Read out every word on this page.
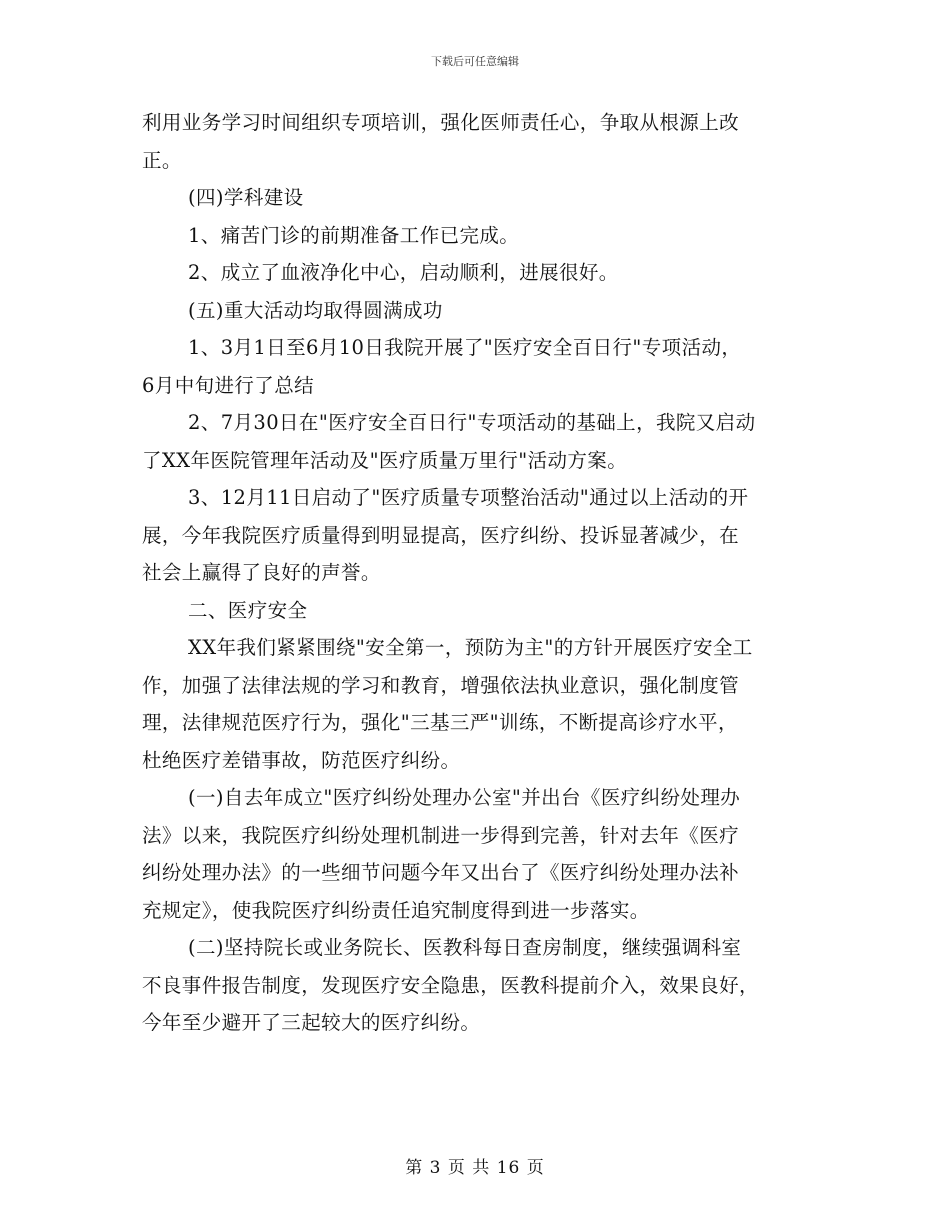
下载后可任意编辑
利用业务学习时间组织专项培训，强化医师责任心，争取从根源上改
正。
(四)学科建设
1、痛苦门诊的前期准备工作已完成。
2、成立了血液净化中心，启动顺利，进展很好。
(五)重大活动均取得圆满成功
1、3月1日至6月10日我院开展了"医疗安全百日行"专项活动，
6月中旬进行了总结
2、7月30日在"医疗安全百日行"专项活动的基础上，我院又启动
了XX年医院管理年活动及"医疗质量万里行"活动方案。
3、12月11日启动了"医疗质量专项整治活动"通过以上活动的开
展，今年我院医疗质量得到明显提高，医疗纠纷、投诉显著减少，在
社会上赢得了良好的声誉。
二、医疗安全
XX年我们紧紧围绕"安全第一，预防为主"的方针开展医疗安全工
作，加强了法律法规的学习和教育，增强依法执业意识，强化制度管
理，法律规范医疗行为，强化"三基三严"训练，不断提高诊疗水平，
杜绝医疗差错事故，防范医疗纠纷。
(一)自去年成立"医疗纠纷处理办公室"并出台《医疗纠纷处理办
法》以来，我院医疗纠纷处理机制进一步得到完善，针对去年《医疗
纠纷处理办法》的一些细节问题今年又出台了《医疗纠纷处理办法补
充规定》，使我院医疗纠纷责任追究制度得到进一步落实。
(二)坚持院长或业务院长、医教科每日查房制度，继续强调科室
不良事件报告制度，发现医疗安全隐患，医教科提前介入，效果良好，
今年至少避开了三起较大的医疗纠纷。
第 3 页 共 16 页
